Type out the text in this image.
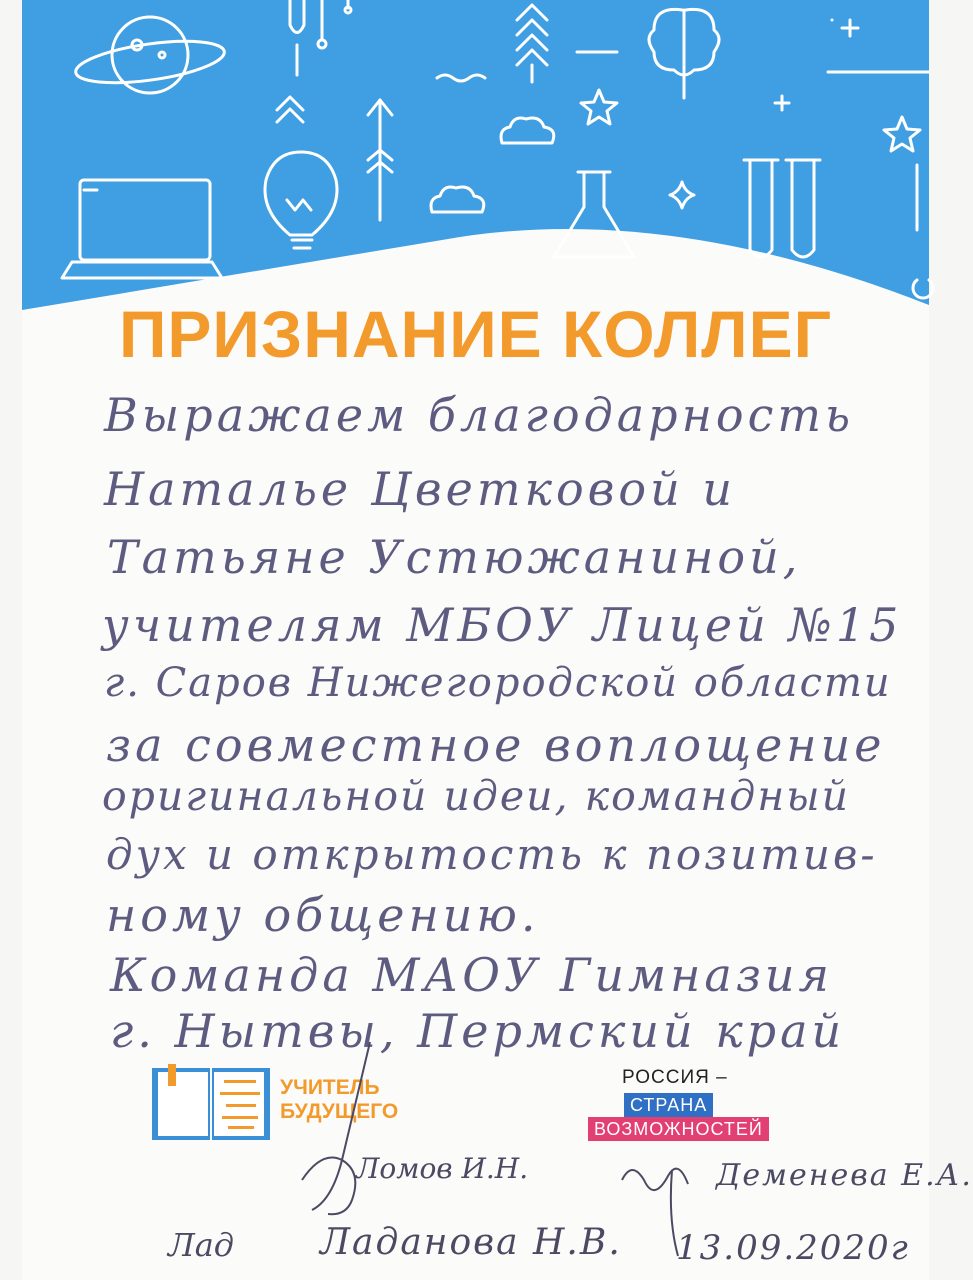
ПРИЗНАНИЕ КОЛЛЕГ
Выражаем благодарность
Наталье Цветковой и
Татьяне Устюжаниной,
учителям МБОУ Лицей №15
г. Саров Нижегородской области
за совместное воплощение
оригинальной идеи, командный
дух и открытость к позитив-
ному общению.
Команда МАОУ Гимназия
г. Нытвы, Пермский край
УЧИТЕЛЬ
БУДУЩЕГО
РОССИЯ –
СТРАНА
ВОЗМОЖНОСТЕЙ
Ломов И.Н.	Деменева Е.А.
Лад Ладанова Н.В. 13.09.2020г
